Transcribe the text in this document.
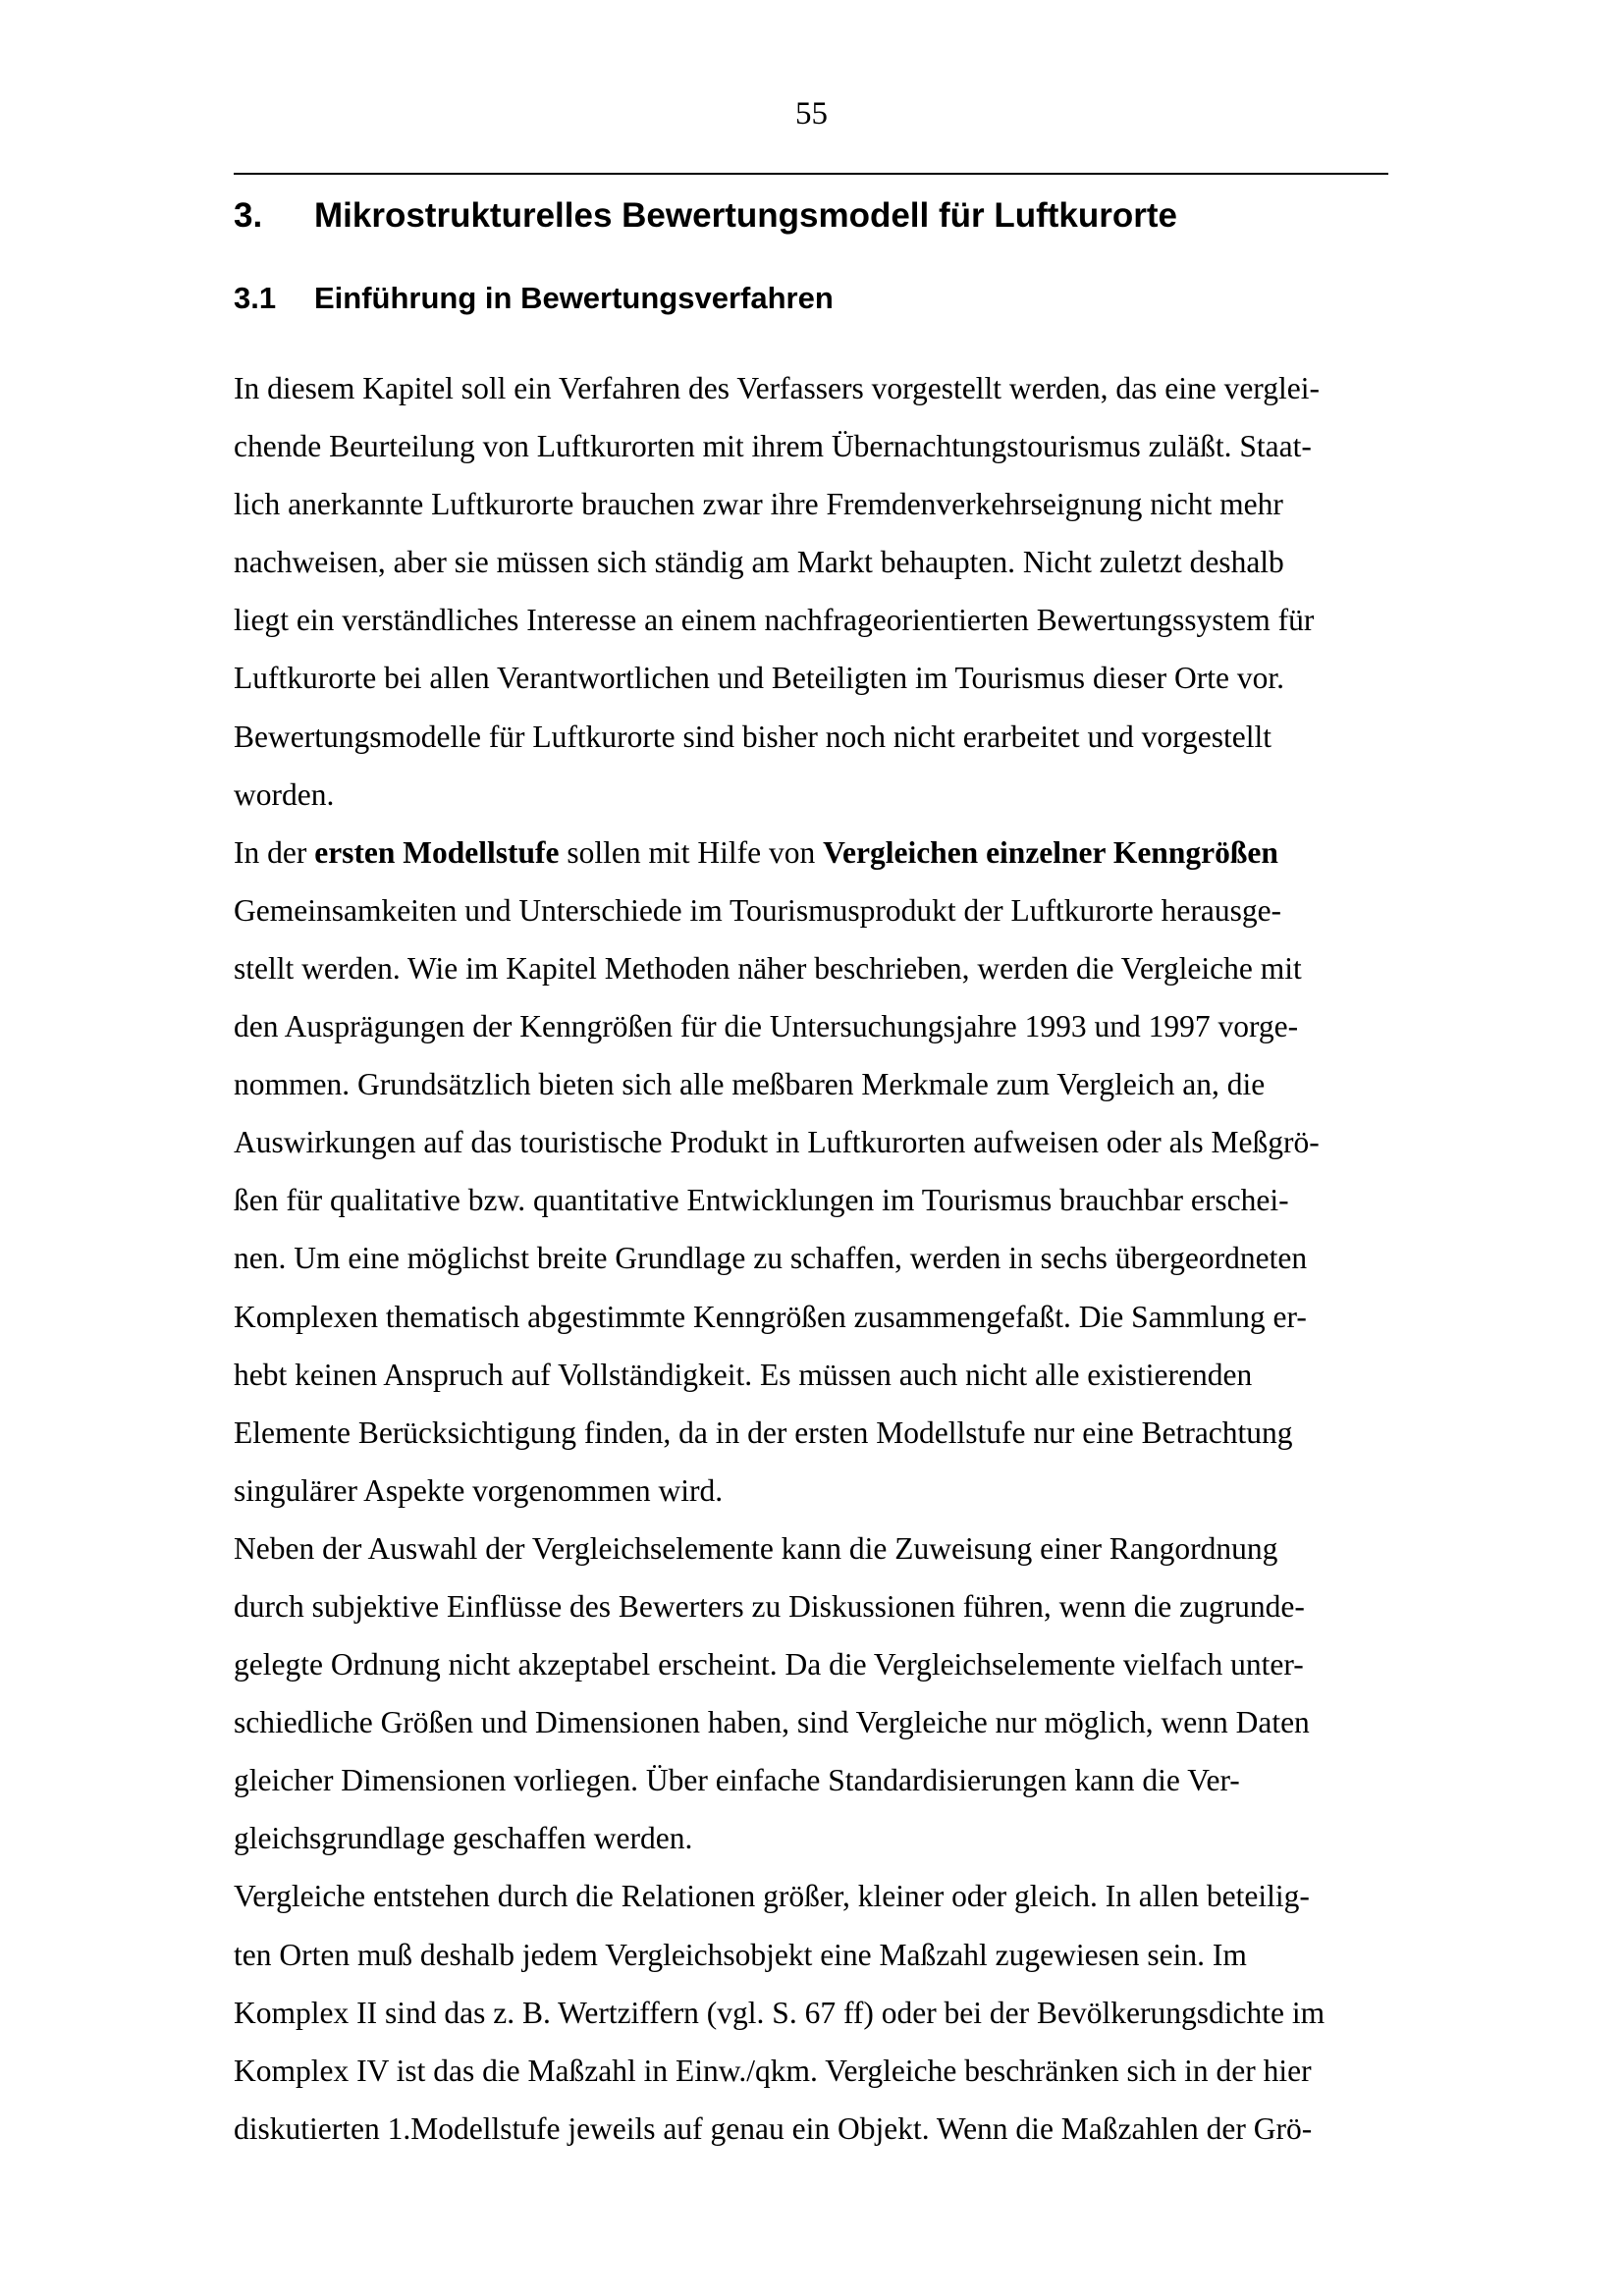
55
3. Mikrostrukturelles Bewertungsmodell für Luftkurorte
3.1 Einführung in Bewertungsverfahren
In diesem Kapitel soll ein Verfahren des Verfassers vorgestellt werden, das eine verglei-
chende Beurteilung von Luftkurorten mit ihrem Übernachtungstourismus zuläßt. Staat-
lich anerkannte Luftkurorte brauchen zwar ihre Fremdenverkehrseignung nicht mehr
nachweisen, aber sie müssen sich ständig am Markt behaupten. Nicht zuletzt deshalb
liegt ein verständliches Interesse an einem nachfrageorientierten Bewertungssystem für
Luftkurorte bei allen Verantwortlichen und Beteiligten im Tourismus dieser Orte vor.
Bewertungsmodelle für Luftkurorte sind bisher noch nicht erarbeitet und vorgestellt
worden.
In der ersten Modellstufe sollen mit Hilfe von Vergleichen einzelner Kenngrößen
Gemeinsamkeiten und Unterschiede im Tourismusprodukt der Luftkurorte herausge-
stellt werden. Wie im Kapitel Methoden näher beschrieben, werden die Vergleiche mit
den Ausprägungen der Kenngrößen für die Untersuchungsjahre 1993 und 1997 vorge-
nommen. Grundsätzlich bieten sich alle meßbaren Merkmale zum Vergleich an, die
Auswirkungen auf das touristische Produkt in Luftkurorten aufweisen oder als Meßgrö-
ßen für qualitative bzw. quantitative Entwicklungen im Tourismus brauchbar erschei-
nen. Um eine möglichst breite Grundlage zu schaffen, werden in sechs übergeordneten
Komplexen thematisch abgestimmte Kenngrößen zusammengefaßt. Die Sammlung er-
hebt keinen Anspruch auf Vollständigkeit. Es müssen auch nicht alle existierenden
Elemente Berücksichtigung finden, da in der ersten Modellstufe nur eine Betrachtung
singulärer Aspekte vorgenommen wird.
Neben der Auswahl der Vergleichselemente kann die Zuweisung einer Rangordnung
durch subjektive Einflüsse des Bewerters zu Diskussionen führen, wenn die zugrunde-
gelegte Ordnung nicht akzeptabel erscheint. Da die Vergleichselemente vielfach unter-
schiedliche Größen und Dimensionen haben, sind Vergleiche nur möglich, wenn Daten
gleicher Dimensionen vorliegen. Über einfache Standardisierungen kann die Ver-
gleichsgrundlage geschaffen werden.
Vergleiche entstehen durch die Relationen größer, kleiner oder gleich. In allen beteilig-
ten Orten muß deshalb jedem Vergleichsobjekt eine Maßzahl zugewiesen sein. Im
Komplex II sind das z. B. Wertziffern (vgl. S. 67 ff) oder bei der Bevölkerungsdichte im
Komplex IV ist das die Maßzahl in Einw./qkm. Vergleiche beschränken sich in der hier
diskutierten 1.Modellstufe jeweils auf genau ein Objekt. Wenn die Maßzahlen der Grö-
